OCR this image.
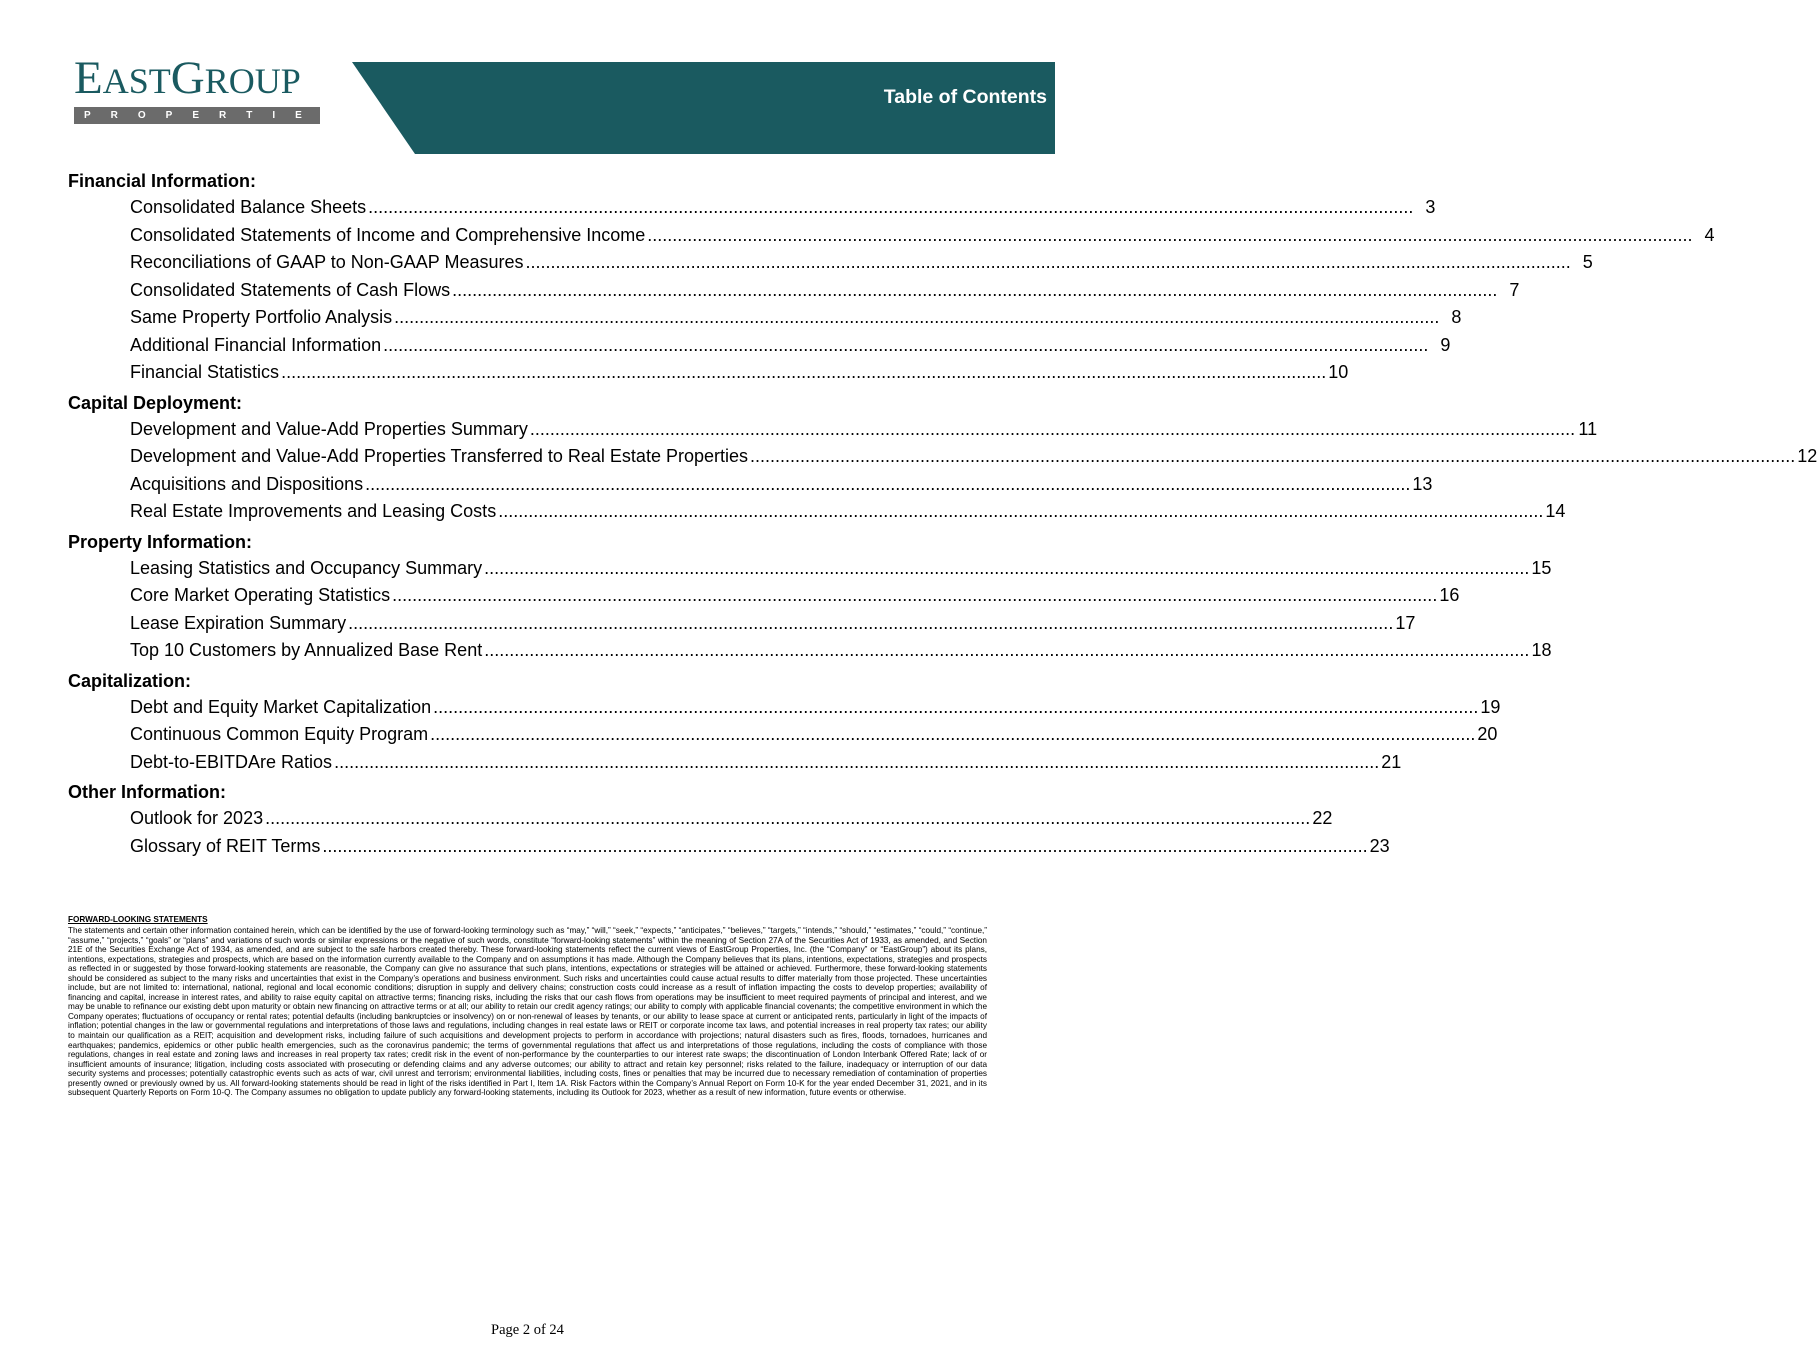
Table of Contents
EASTGROUP
PROPERTIES
Financial Information:
Consolidated Balance Sheets .....	3
Consolidated Statements of Income and Comprehensive Income .....	4
Reconciliations of GAAP to Non-GAAP Measures .....	5
Consolidated Statements of Cash Flows .....	7
Same Property Portfolio Analysis .....	8
Additional Financial Information .....	9
Financial Statistics .....	10
Capital Deployment:
Development and Value-Add Properties Summary .....	11
Development and Value-Add Properties Transferred to Real Estate Properties .....	12
Acquisitions and Dispositions .....	13
Real Estate Improvements and Leasing Costs .....	14
Property Information:
Leasing Statistics and Occupancy Summary .....	15
Core Market Operating Statistics .....	16
Lease Expiration Summary .....	17
Top 10 Customers by Annualized Base Rent .....	18
Capitalization:
Debt and Equity Market Capitalization .....	19
Continuous Common Equity Program .....	20
Debt-to-EBITDAre Ratios .....	21
Other Information:
Outlook for 2023 .....	22
Glossary of REIT Terms .....	23
FORWARD-LOOKING STATEMENTS
The statements and certain other information contained herein, which can be identified by the use of forward-looking terminology such as “may,” “will,” “seek,” “expects,” “anticipates,” “believes,” “targets,” “intends,” “should,” “estimates,” “could,” “continue,” “assume,” “projects,” “goals” or “plans” and variations of such words or similar expressions or the negative of such words, constitute “forward-looking statements” within the meaning of Section 27A of the Securities Act of 1933, as amended, and Section 21E of the Securities Exchange Act of 1934, as amended, and are subject to the safe harbors created thereby. These forward-looking statements reflect the current views of EastGroup Properties, Inc. (the “Company” or “EastGroup”) about its plans, intentions, expectations, strategies and prospects, which are based on the information currently available to the Company and on assumptions it has made. Although the Company believes that its plans, intentions, expectations, strategies and prospects as reflected in or suggested by those forward-looking statements are reasonable, the Company can give no assurance that such plans, intentions, expectations or strategies will be attained or achieved. Furthermore, these forward-looking statements should be considered as subject to the many risks and uncertainties that exist in the Company’s operations and business environment. Such risks and uncertainties could cause actual results to differ materially from those projected. These uncertainties include, but are not limited to: international, national, regional and local economic conditions; disruption in supply and delivery chains; construction costs could increase as a result of inflation impacting the costs to develop properties; availability of financing and capital, increase in interest rates, and ability to raise equity capital on attractive terms; financing risks, including the risks that our cash flows from operations may be insufficient to meet required payments of principal and interest, and we may be unable to refinance our existing debt upon maturity or obtain new financing on attractive terms or at all; our ability to retain our credit agency ratings; our ability to comply with applicable financial covenants; the competitive environment in which the Company operates; fluctuations of occupancy or rental rates; potential defaults (including bankruptcies or insolvency) on or non-renewal of leases by tenants, or our ability to lease space at current or anticipated rents, particularly in light of the impacts of inflation; potential changes in the law or governmental regulations and interpretations of those laws and regulations, including changes in real estate laws or REIT or corporate income tax laws, and potential increases in real property tax rates; our ability to maintain our qualification as a REIT; acquisition and development risks, including failure of such acquisitions and development projects to perform in accordance with projections; natural disasters such as fires, floods, tornadoes, hurricanes and earthquakes; pandemics, epidemics or other public health emergencies, such as the coronavirus pandemic; the terms of governmental regulations that affect us and interpretations of those regulations, including the costs of compliance with those regulations, changes in real estate and zoning laws and increases in real property tax rates; credit risk in the event of non-performance by the counterparties to our interest rate swaps; the discontinuation of London Interbank Offered Rate; lack of or insufficient amounts of insurance; litigation, including costs associated with prosecuting or defending claims and any adverse outcomes; our ability to attract and retain key personnel; risks related to the failure, inadequacy or interruption of our data security systems and processes; potentially catastrophic events such as acts of war, civil unrest and terrorism; environmental liabilities, including costs, fines or penalties that may be incurred due to necessary remediation of contamination of properties presently owned or previously owned by us. All forward-looking statements should be read in light of the risks identified in Part I, Item 1A. Risk Factors within the Company’s Annual Report on Form 10-K for the year ended December 31, 2021, and in its subsequent Quarterly Reports on Form 10-Q. The Company assumes no obligation to update publicly any forward-looking statements, including its Outlook for 2023, whether as a result of new information, future events or otherwise.
Page 2 of 24
